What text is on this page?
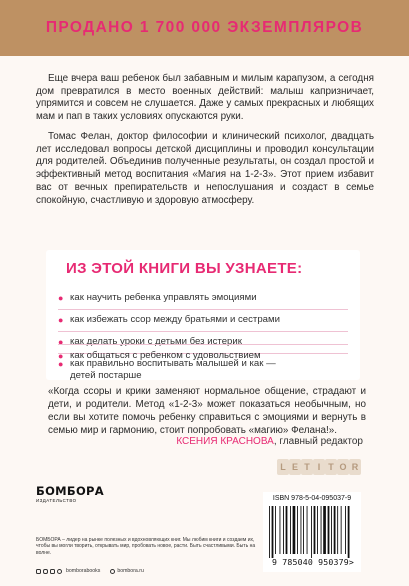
ПРОДАНО 1 700 000 ЭКЗЕМПЛЯРОВ

Еще вчера ваш ребенок был забавным и милым карапузом, а сегодня дом превратился в место военных действий: малыш капризничает, упрямится и совсем не слушается. Даже у самых прекрасных и любящих мам и пап в таких условиях опускаются руки.

Томас Фелан, доктор философии и клинический психолог, двадцать лет исследовал вопросы детской дисциплины и проводил консультации для родителей. Объединив полученные результаты, он создал простой и эффективный метод воспитания «Магия на 1-2-3». Этот прием избавит вас от вечных препирательств и непослушания и создаст в семье спокойную, счастливую и здоровую атмосферу.

ИЗ ЭТОЙ КНИГИ ВЫ УЗНАЕТЕ:
● как научить ребенка управлять эмоциями
● как избежать ссор между братьями и сестрами
● как делать уроки с детьми без истерик
● как правильно воспитывать малышей и как — детей постарше
● как общаться с ребенком с удовольствием

«Когда ссоры и крики заменяют нормальное общение, страдают и дети, и родители. Метод «1-2-3» может показаться необычным, но если вы хотите помочь ребенку справиться с эмоциями и вернуть в семью мир и гармонию, стоит попробовать «магию» Фелана!».

КСЕНИЯ КРАСНОВА, главный редактор
L E T I T O R
БОМБОРА
ИЗДАТЕЛЬСТВО
БОМБОРА – лидер на рынке полезных и вдохновляющих книг. Мы любим книги и создаем их, чтобы вы могли творить, открывать мир, пробовать новое, расти. Быть счастливыми. Быть на волне.
bomborabooks	bombora.ru
ISBN 978-5-04-095037-9
9 785040 950379>
